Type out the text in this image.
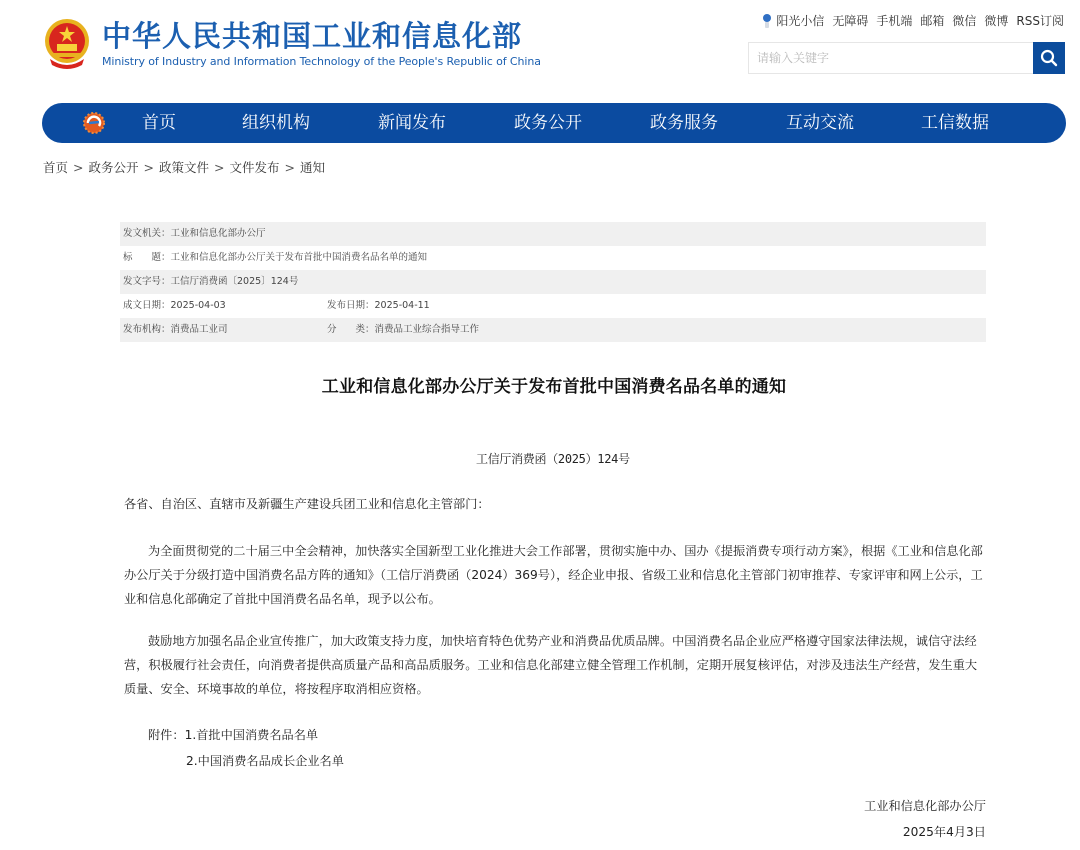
中华人民共和国工业和信息化部
Ministry of Industry and Information Technology of the People's Republic of China
阳光小信 无障碍 手机端 邮箱 微信 微博 RSS订阅
请输入关键字
首页	组织机构	新闻发布	政务公开	政务服务	互动交流	工信数据
首页 > 政务公开 > 政策文件 > 文件发布 > 通知
发文机关：工业和信息化部办公厅
标　　题：工业和信息化部办公厅关于发布首批中国消费名品名单的通知
发文字号：工信厅消费函〔2025〕124号
成文日期：2025-04-03	发布日期：2025-04-11
发布机构：消费品工业司	分　　类：消费品工业综合指导工作
工业和信息化部办公厅关于发布首批中国消费名品名单的通知
工信厅消费函（2025）124号
各省、自治区、直辖市及新疆生产建设兵团工业和信息化主管部门：
为全面贯彻党的二十届三中全会精神，加快落实全国新型工业化推进大会工作部署，贯彻实施中办、国办《提振消费专项行动方案》，根据《工业和信息化部办公厅关于分级打造中国消费名品方阵的通知》（工信厅消费函（2024）369号），经企业申报、省级工业和信息化主管部门初审推荐、专家评审和网上公示，工业和信息化部确定了首批中国消费名品名单，现予以公布。
鼓励地方加强名品企业宣传推广，加大政策支持力度，加快培育特色优势产业和消费品优质品牌。中国消费名品企业应严格遵守国家法律法规，诚信守法经营，积极履行社会责任，向消费者提供高质量产品和高品质服务。工业和信息化部建立健全管理工作机制，定期开展复核评估，对涉及违法生产经营，发生重大质量、安全、环境事故的单位，将按程序取消相应资格。
附件：1.首批中国消费名品名单
2.中国消费名品成长企业名单
工业和信息化部办公厅
2025年4月3日
